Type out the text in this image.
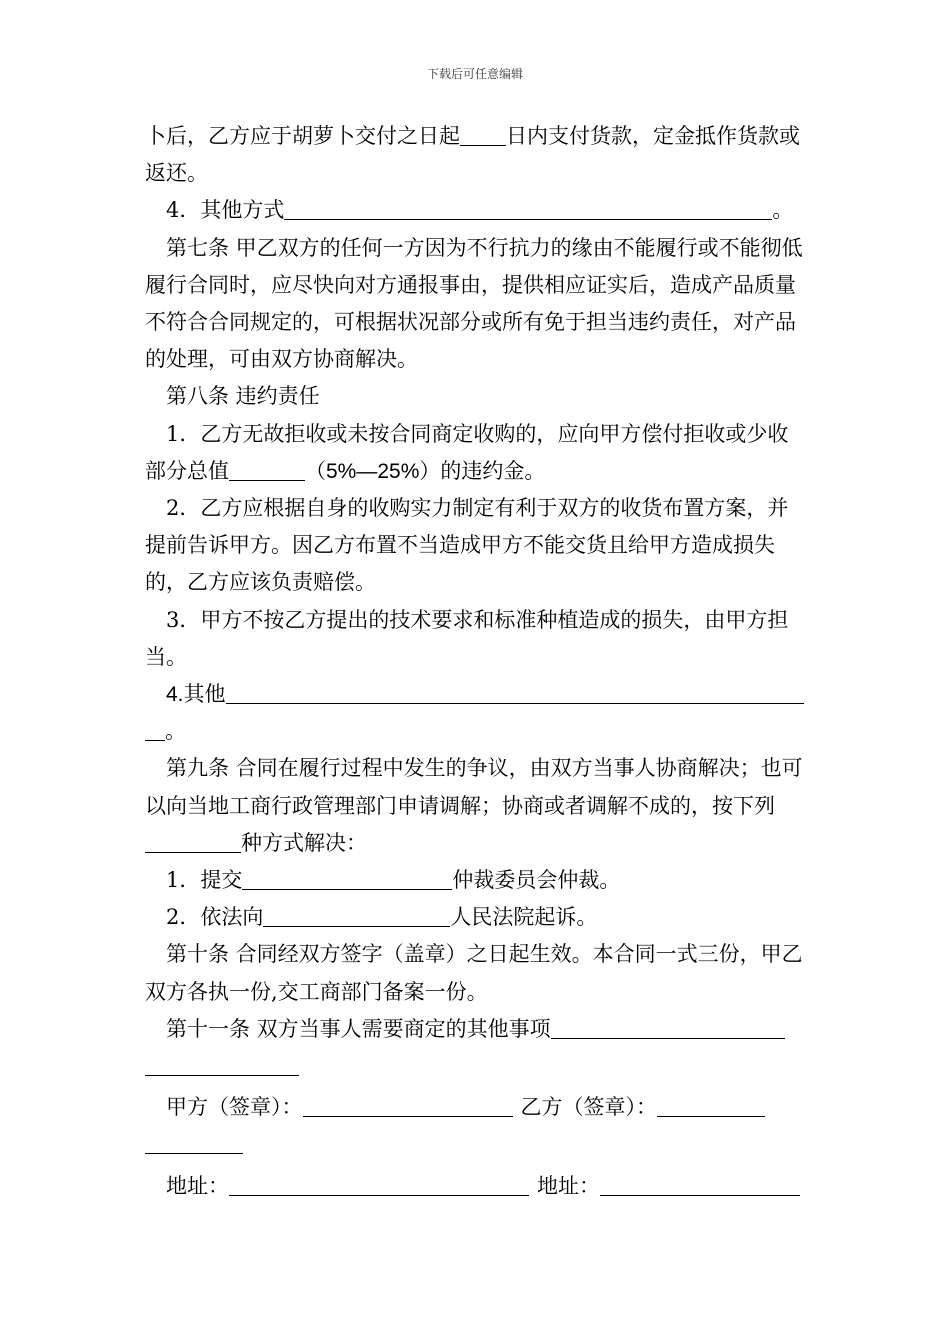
下载后可任意编辑

卜后，乙方应于胡萝卜交付之日起 日内支付货款，定金抵作货款或返还。

4．其他方式	。

第七条 甲乙双方的任何一方因为不行抗力的缘由不能履行或不能彻低履行合同时，应尽快向对方通报事由，提供相应证实后，造成产品质量不符合合同规定的，可根据状况部分或所有免于担当违约责任，对产品的处理，可由双方协商解决。

第八条 违约责任

1．乙方无故拒收或未按合同商定收购的，应向甲方偿付拒收或少收部分总值	（5%—25%）的违约金。

2．乙方应根据自身的收购实力制定有利于双方的收货布置方案，并提前告诉甲方。因乙方布置不当造成甲方不能交货且给甲方造成损失的，乙方应该负责赔偿。

3．甲方不按乙方提出的技术要求和标准种植造成的损失，由甲方担当。

4.其他
。

第九条 合同在履行过程中发生的争议，由双方当事人协商解决；也可以向当地工商行政管理部门申请调解；协商或者调解不成的，按下列种方式解决：

1．提交	仲裁委员会仲裁。

2．依法向	人民法院起诉。

第十条 合同经双方签字（盖章）之日起生效。本合同一式三份，甲乙双方各执一份,交工商部门备案一份。

第十一条 双方当事人需要商定的其他事项

甲方（签章）：	乙方（签章）：

地址：	地址：
